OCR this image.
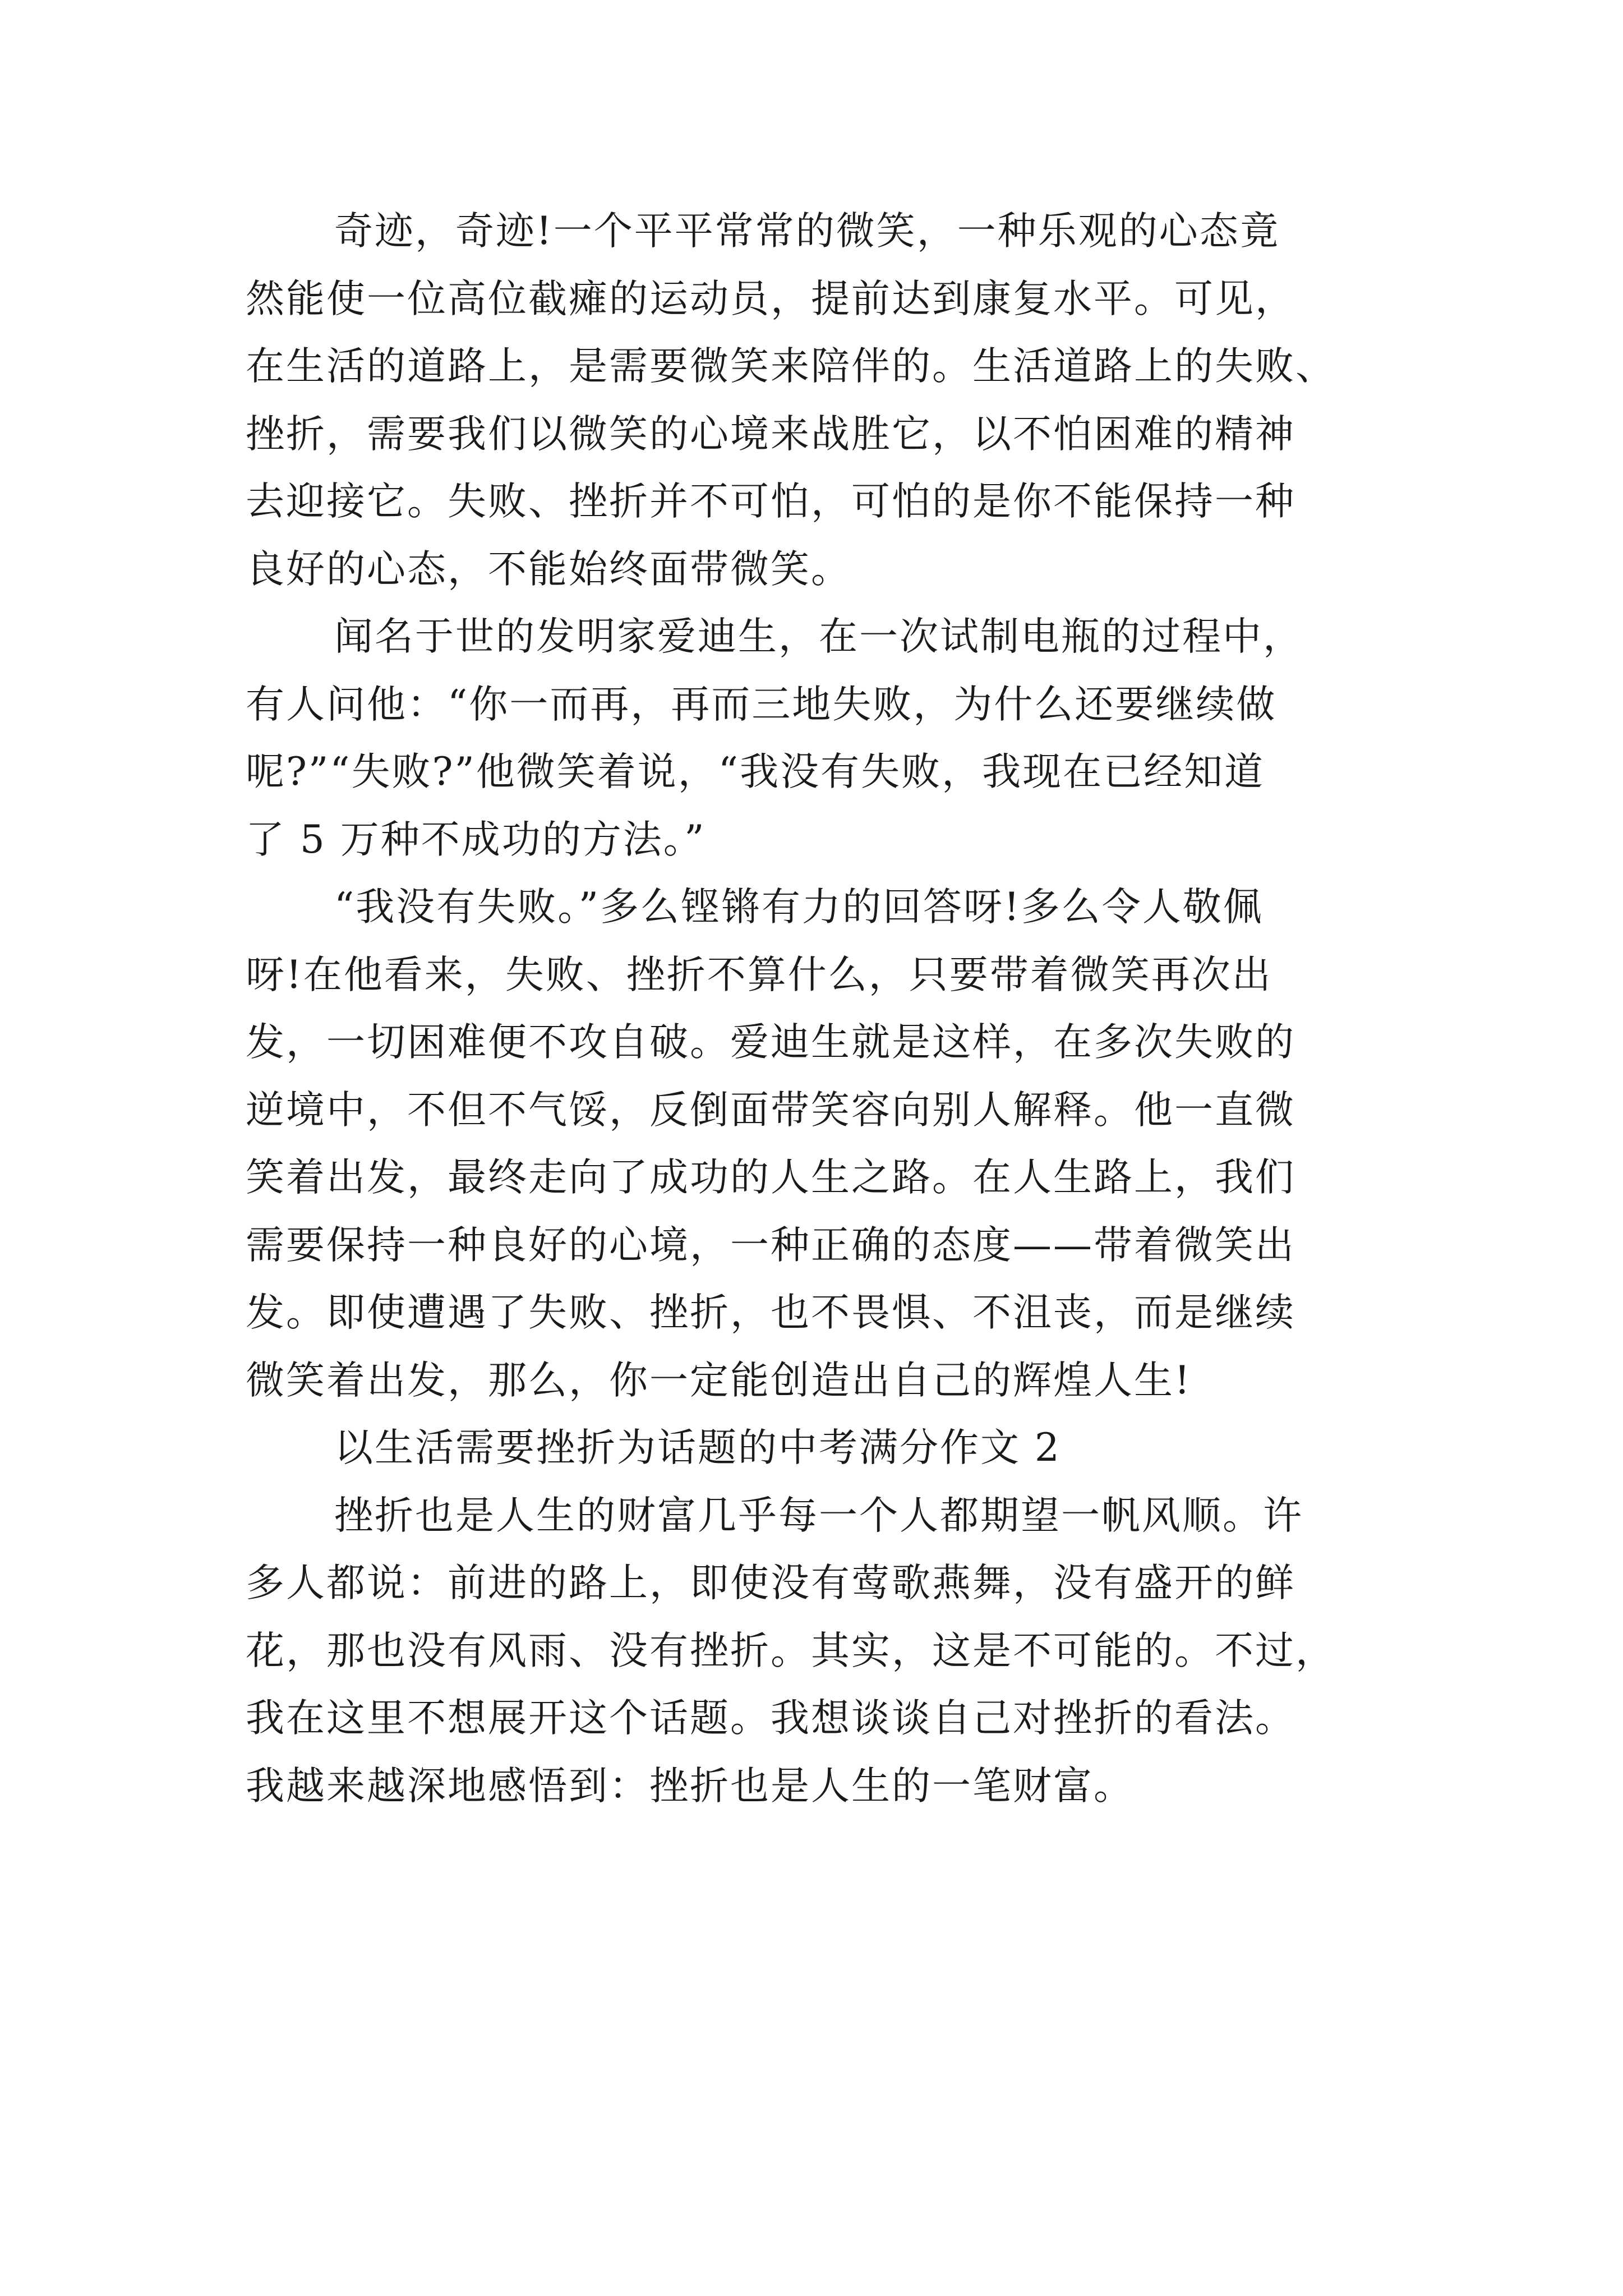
奇迹，奇迹!一个平平常常的微笑，一种乐观的心态竟
然能使一位高位截瘫的运动员，提前达到康复水平。可见，
在生活的道路上，是需要微笑来陪伴的。生活道路上的失败、
挫折，需要我们以微笑的心境来战胜它，以不怕困难的精神
去迎接它。失败、挫折并不可怕，可怕的是你不能保持一种
良好的心态，不能始终面带微笑。
闻名于世的发明家爱迪生，在一次试制电瓶的过程中，
有人问他：“你一而再，再而三地失败，为什么还要继续做
呢?”“失败?”他微笑着说，“我没有失败，我现在已经知道
了 5 万种不成功的方法。”
“我没有失败。”多么铿锵有力的回答呀!多么令人敬佩
呀!在他看来，失败、挫折不算什么，只要带着微笑再次出
发，一切困难便不攻自破。爱迪生就是这样，在多次失败的
逆境中，不但不气馁，反倒面带笑容向别人解释。他一直微
笑着出发，最终走向了成功的人生之路。在人生路上，我们
需要保持一种良好的心境，一种正确的态度——带着微笑出
发。即使遭遇了失败、挫折，也不畏惧、不沮丧，而是继续
微笑着出发，那么，你一定能创造出自己的辉煌人生!
以生活需要挫折为话题的中考满分作文 2
挫折也是人生的财富几乎每一个人都期望一帆风顺。许
多人都说：前进的路上，即使没有莺歌燕舞，没有盛开的鲜
花，那也没有风雨、没有挫折。其实，这是不可能的。不过，
我在这里不想展开这个话题。我想谈谈自己对挫折的看法。
我越来越深地感悟到：挫折也是人生的一笔财富。
